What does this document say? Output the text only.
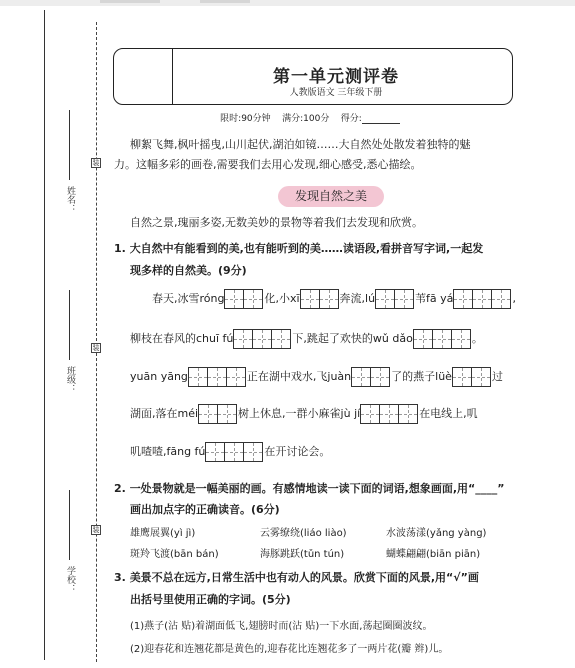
装
装
装
姓名：
班级：
学校：
第一单元测评卷
人教版语文 三年级下册
限时:90分钟 满分:100分 得分:
柳絮飞舞,枫叶摇曳,山川起伏,湖泊如镜……大自然处处散发着独特的魅
力。这幅多彩的画卷,需要我们去用心发现,细心感受,悉心描绘。
发现自然之美
自然之景,瑰丽多姿,无数美妙的景物等着我们去发现和欣赏。
1. 大自然中有能看到的美,也有能听到的美……读语段,看拼音写字词,一起发
现多样的自然美。(9分)
春天,冰雪róng	化,小xī	奔流,lú	苇fā yá	,
柳枝在春风的chuī fú	下,跳起了欢快的wǔ dǎo	。
yuān yāng	正在湖中戏水,飞juàn	了的燕子lüè	过
湖面,落在méi	树上休息,一群小麻雀jù jí	在电线上,叽
叽喳喳,fāng fú	在开讨论会。
2. 一处景物就是一幅美丽的画。有感情地读一读下面的词语,想象画面,用“____”
画出加点字的正确读音。(6分)
雄鹰展翼(yì jì)	云雾缭绕(liáo liào)	水波荡漾(yǎng yàng)
斑羚飞渡(bān bán)	海豚跳跃(tǔn tún)	蝴蝶翩翩(biān piān)
3. 美景不总在远方,日常生活中也有动人的风景。欣赏下面的风景,用“√”画
出括号里使用正确的字词。(5分)
(1)燕子(沾 贴)着湖面低飞,翅膀时而(沾 贴)一下水面,荡起圈圈波纹。
(2)迎春花和连翘花都是黄色的,迎春花比连翘花多了一两片花(瓣 辫)儿。
